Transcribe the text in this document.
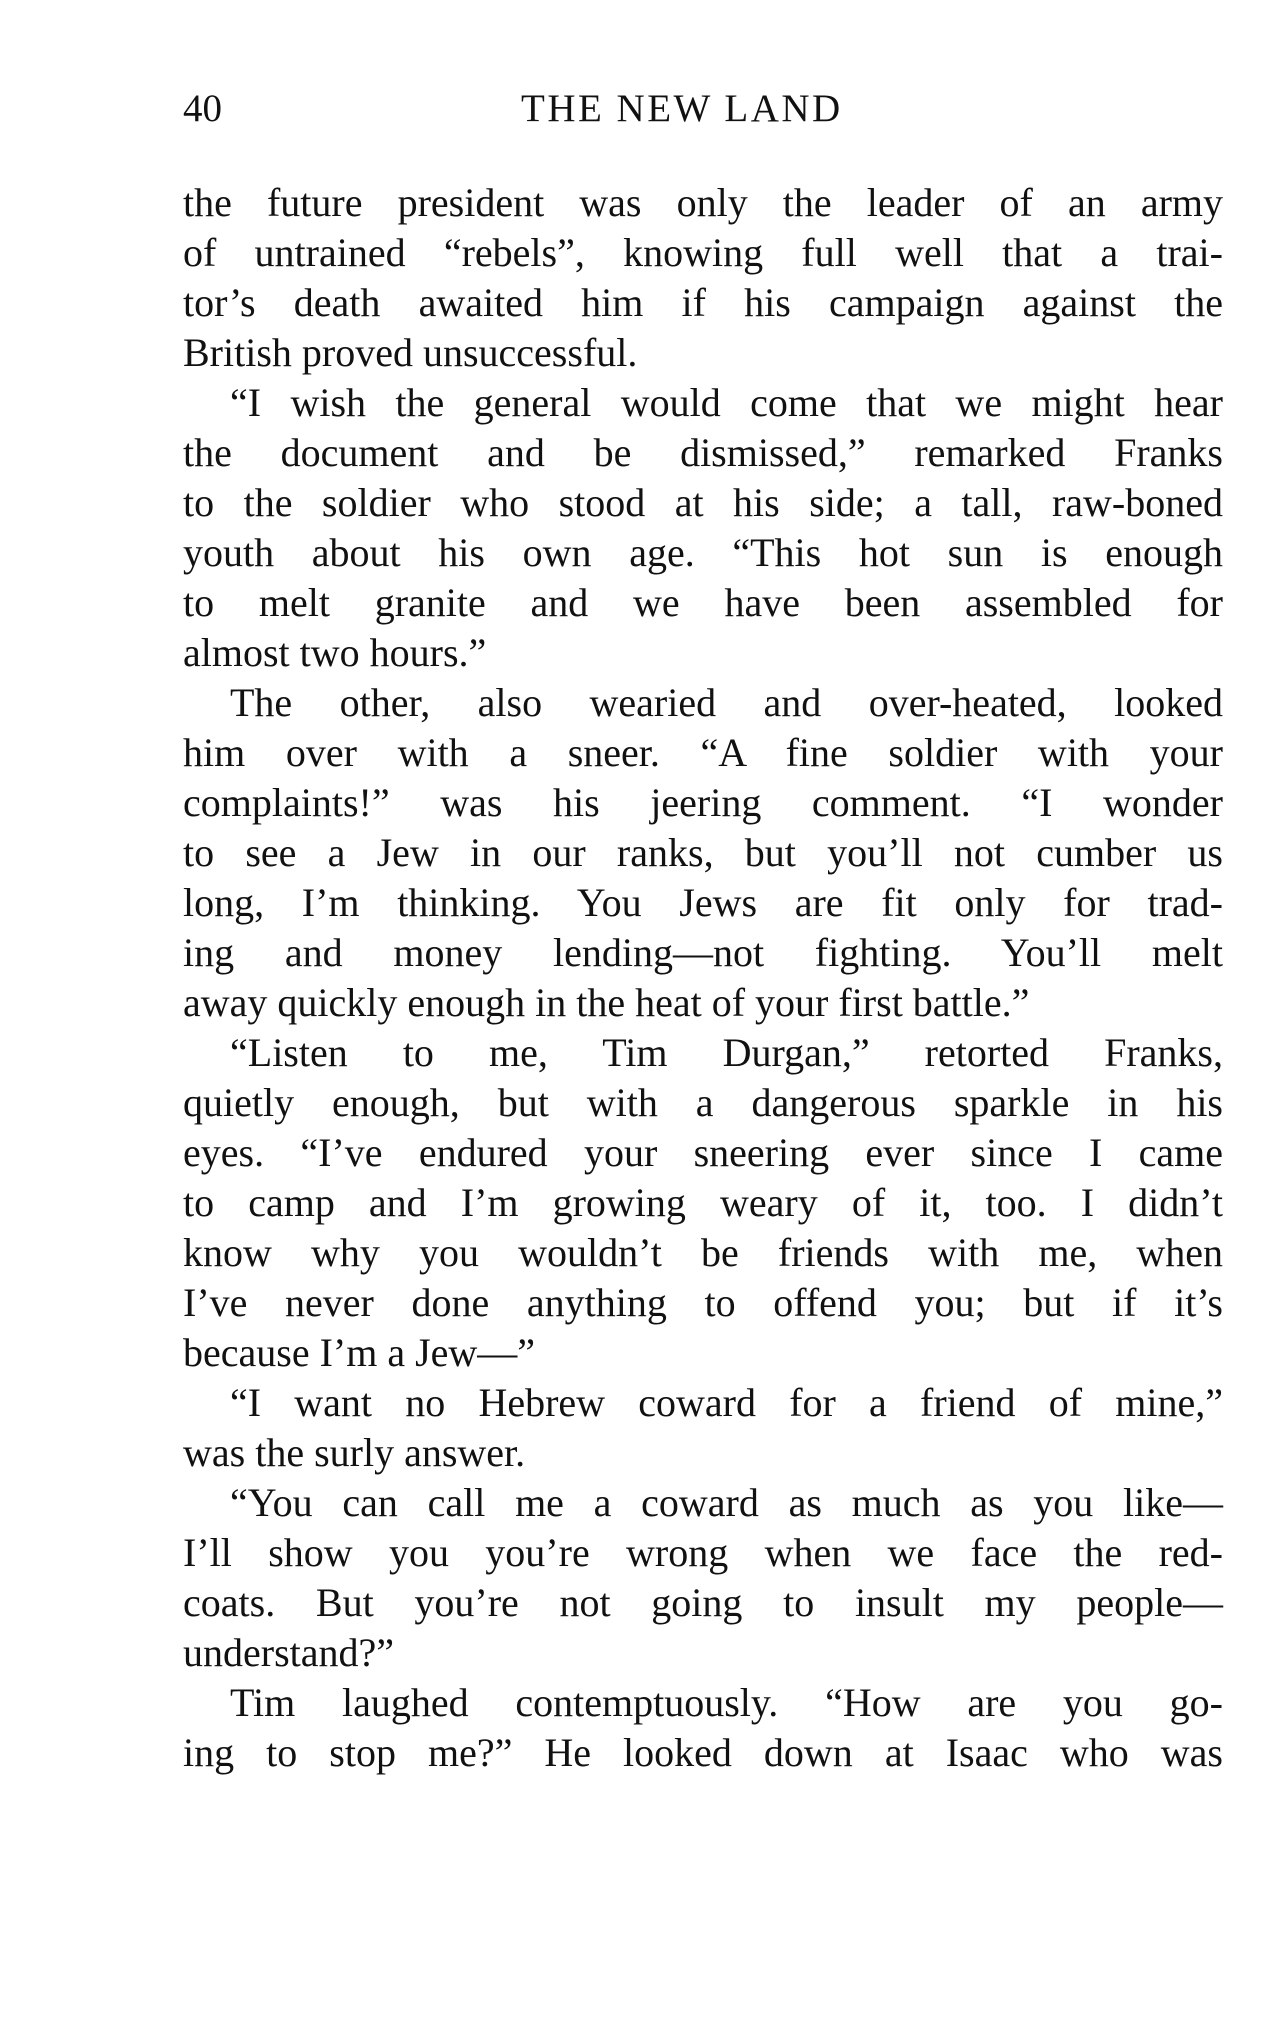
40	THE NEW LAND
the future president was only the leader of an army
of untrained “rebels”, knowing full well that a trai-
tor’s death awaited him if his campaign against the
British proved unsuccessful.
“I wish the general would come that we might hear
the document and be dismissed,” remarked Franks
to the soldier who stood at his side; a tall, raw-boned
youth about his own age. “This hot sun is enough
to melt granite and we have been assembled for
almost two hours.”
The other, also wearied and over-heated, looked
him over with a sneer. “A fine soldier with your
complaints!” was his jeering comment. “I wonder
to see a Jew in our ranks, but you’ll not cumber us
long, I’m thinking. You Jews are fit only for trad-
ing and money lending—not fighting. You’ll melt
away quickly enough in the heat of your first battle.”
“Listen to me, Tim Durgan,” retorted Franks,
quietly enough, but with a dangerous sparkle in his
eyes. “I’ve endured your sneering ever since I came
to camp and I’m growing weary of it, too. I didn’t
know why you wouldn’t be friends with me, when
I’ve never done anything to offend you; but if it’s
because I’m a Jew—”
“I want no Hebrew coward for a friend of mine,”
was the surly answer.
“You can call me a coward as much as you like—
I’ll show you you’re wrong when we face the red-
coats. But you’re not going to insult my people—
understand?”
Tim laughed contemptuously. “How are you go-
ing to stop me?” He looked down at Isaac who was
